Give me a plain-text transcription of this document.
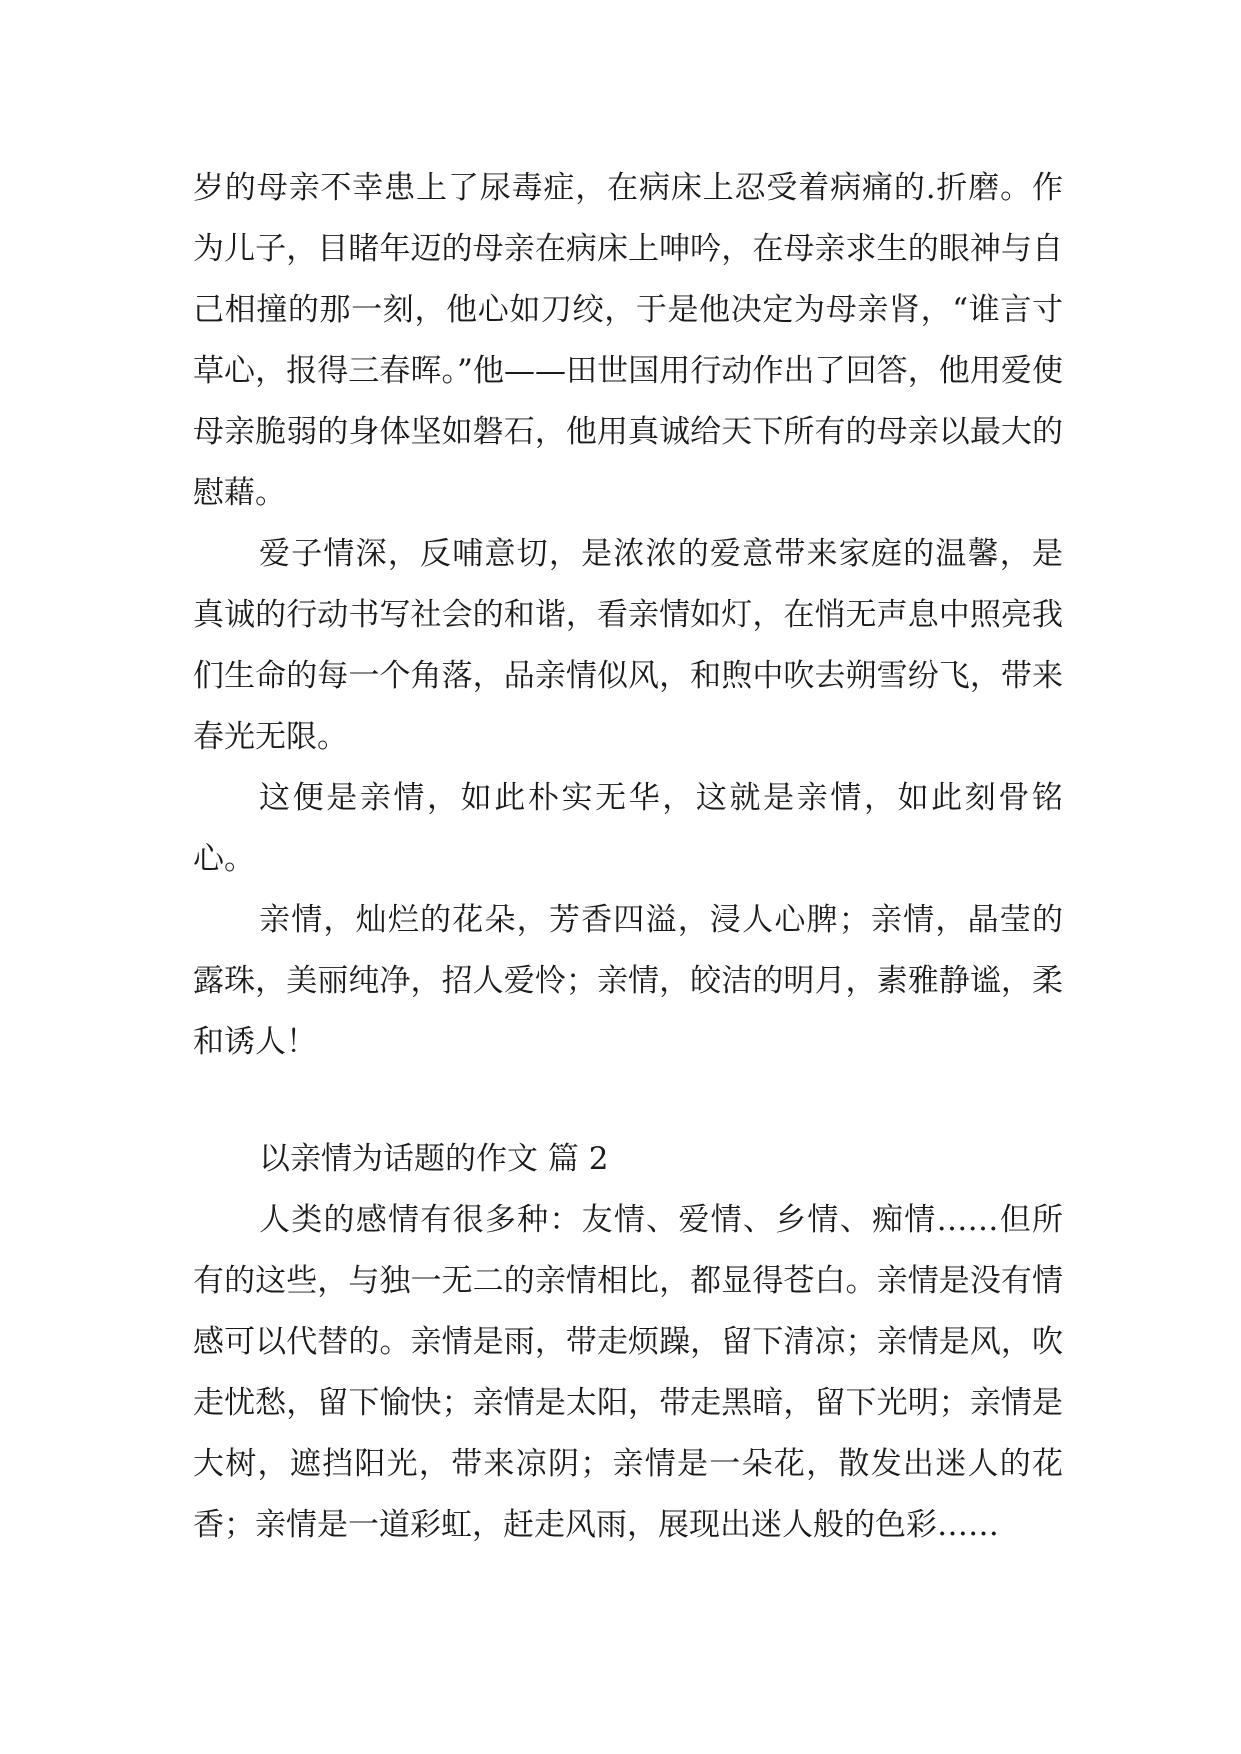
岁的母亲不幸患上了尿毒症，在病床上忍受着病痛的.折磨。作为儿子，目睹年迈的母亲在病床上呻吟，在母亲求生的眼神与自己相撞的那一刻，他心如刀绞，于是他决定为母亲肾，“谁言寸草心，报得三春晖。”他——田世国用行动作出了回答，他用爱使母亲脆弱的身体坚如磐石，他用真诚给天下所有的母亲以最大的慰藉。

爱子情深，反哺意切，是浓浓的爱意带来家庭的温馨，是真诚的行动书写社会的和谐，看亲情如灯，在悄无声息中照亮我们生命的每一个角落，品亲情似风，和煦中吹去朔雪纷飞，带来春光无限。

这便是亲情，如此朴实无华，这就是亲情，如此刻骨铭心。

亲情，灿烂的花朵，芳香四溢，浸人心脾；亲情，晶莹的露珠，美丽纯净，招人爱怜；亲情，皎洁的明月，素雅静谧，柔和诱人！

以亲情为话题的作文 篇 2

人类的感情有很多种：友情、爱情、乡情、痴情……但所有的这些，与独一无二的亲情相比，都显得苍白。亲情是没有情感可以代替的。亲情是雨，带走烦躁，留下清凉；亲情是风，吹走忧愁，留下愉快；亲情是太阳，带走黑暗，留下光明；亲情是大树，遮挡阳光，带来凉阴；亲情是一朵花，散发出迷人的花香；亲情是一道彩虹，赶走风雨，展现出迷人般的色彩……
